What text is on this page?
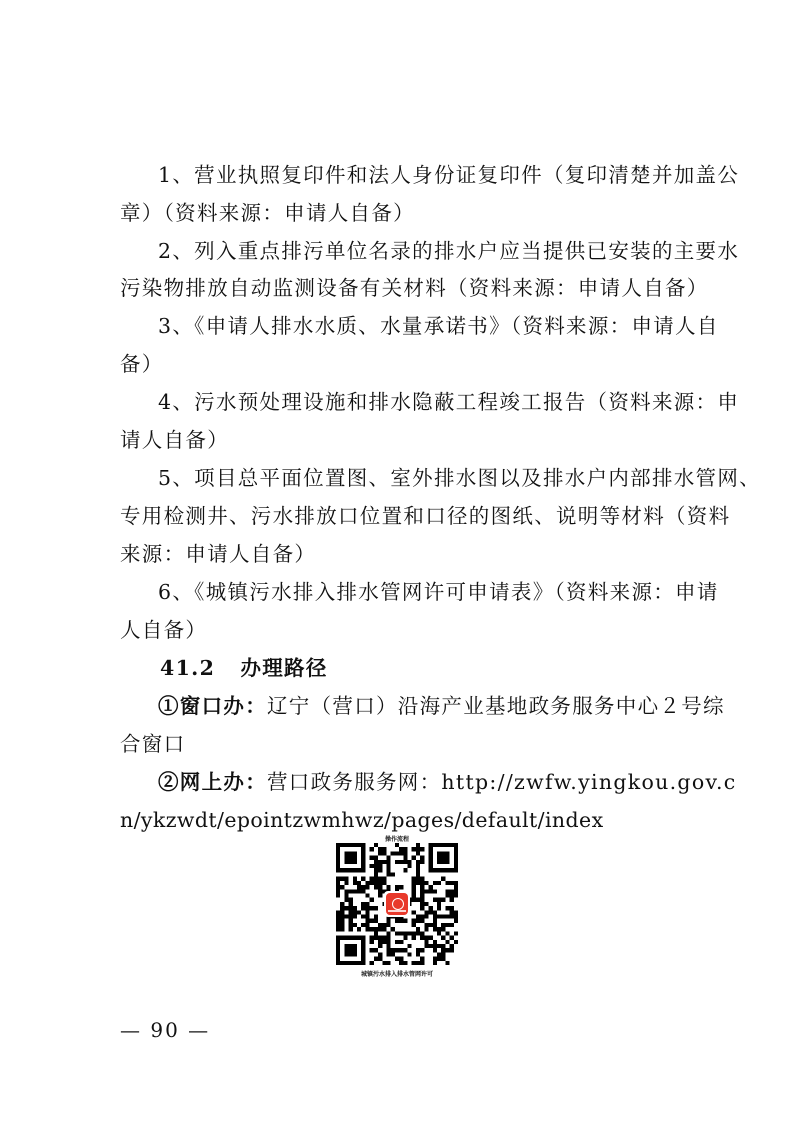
1、营业执照复印件和法人身份证复印件（复印清楚并加盖公
章）（资料来源：申请人自备）
2、列入重点排污单位名录的排水户应当提供已安装的主要水
污染物排放自动监测设备有关材料（资料来源：申请人自备）
3、《申请人排水水质、水量承诺书》（资料来源：申请人自
备）
4、污水预处理设施和排水隐蔽工程竣工报告（资料来源：申
请人自备）
5、项目总平面位置图、室外排水图以及排水户内部排水管网、
专用检测井、污水排放口位置和口径的图纸、说明等材料（资料
来源：申请人自备）
6、《城镇污水排入排水管网许可申请表》（资料来源：申请
人自备）
41.2 办理路径
①窗口办：辽宁（营口）沿海产业基地政务服务中心２号综
合窗口
②网上办：营口政务服务网：http://zwfw.yingkou.gov.c
n/ykzwdt/epointzwmhwz/pages/default/index
操作流程
城镇污水排入排水管网许可
— 90 —
